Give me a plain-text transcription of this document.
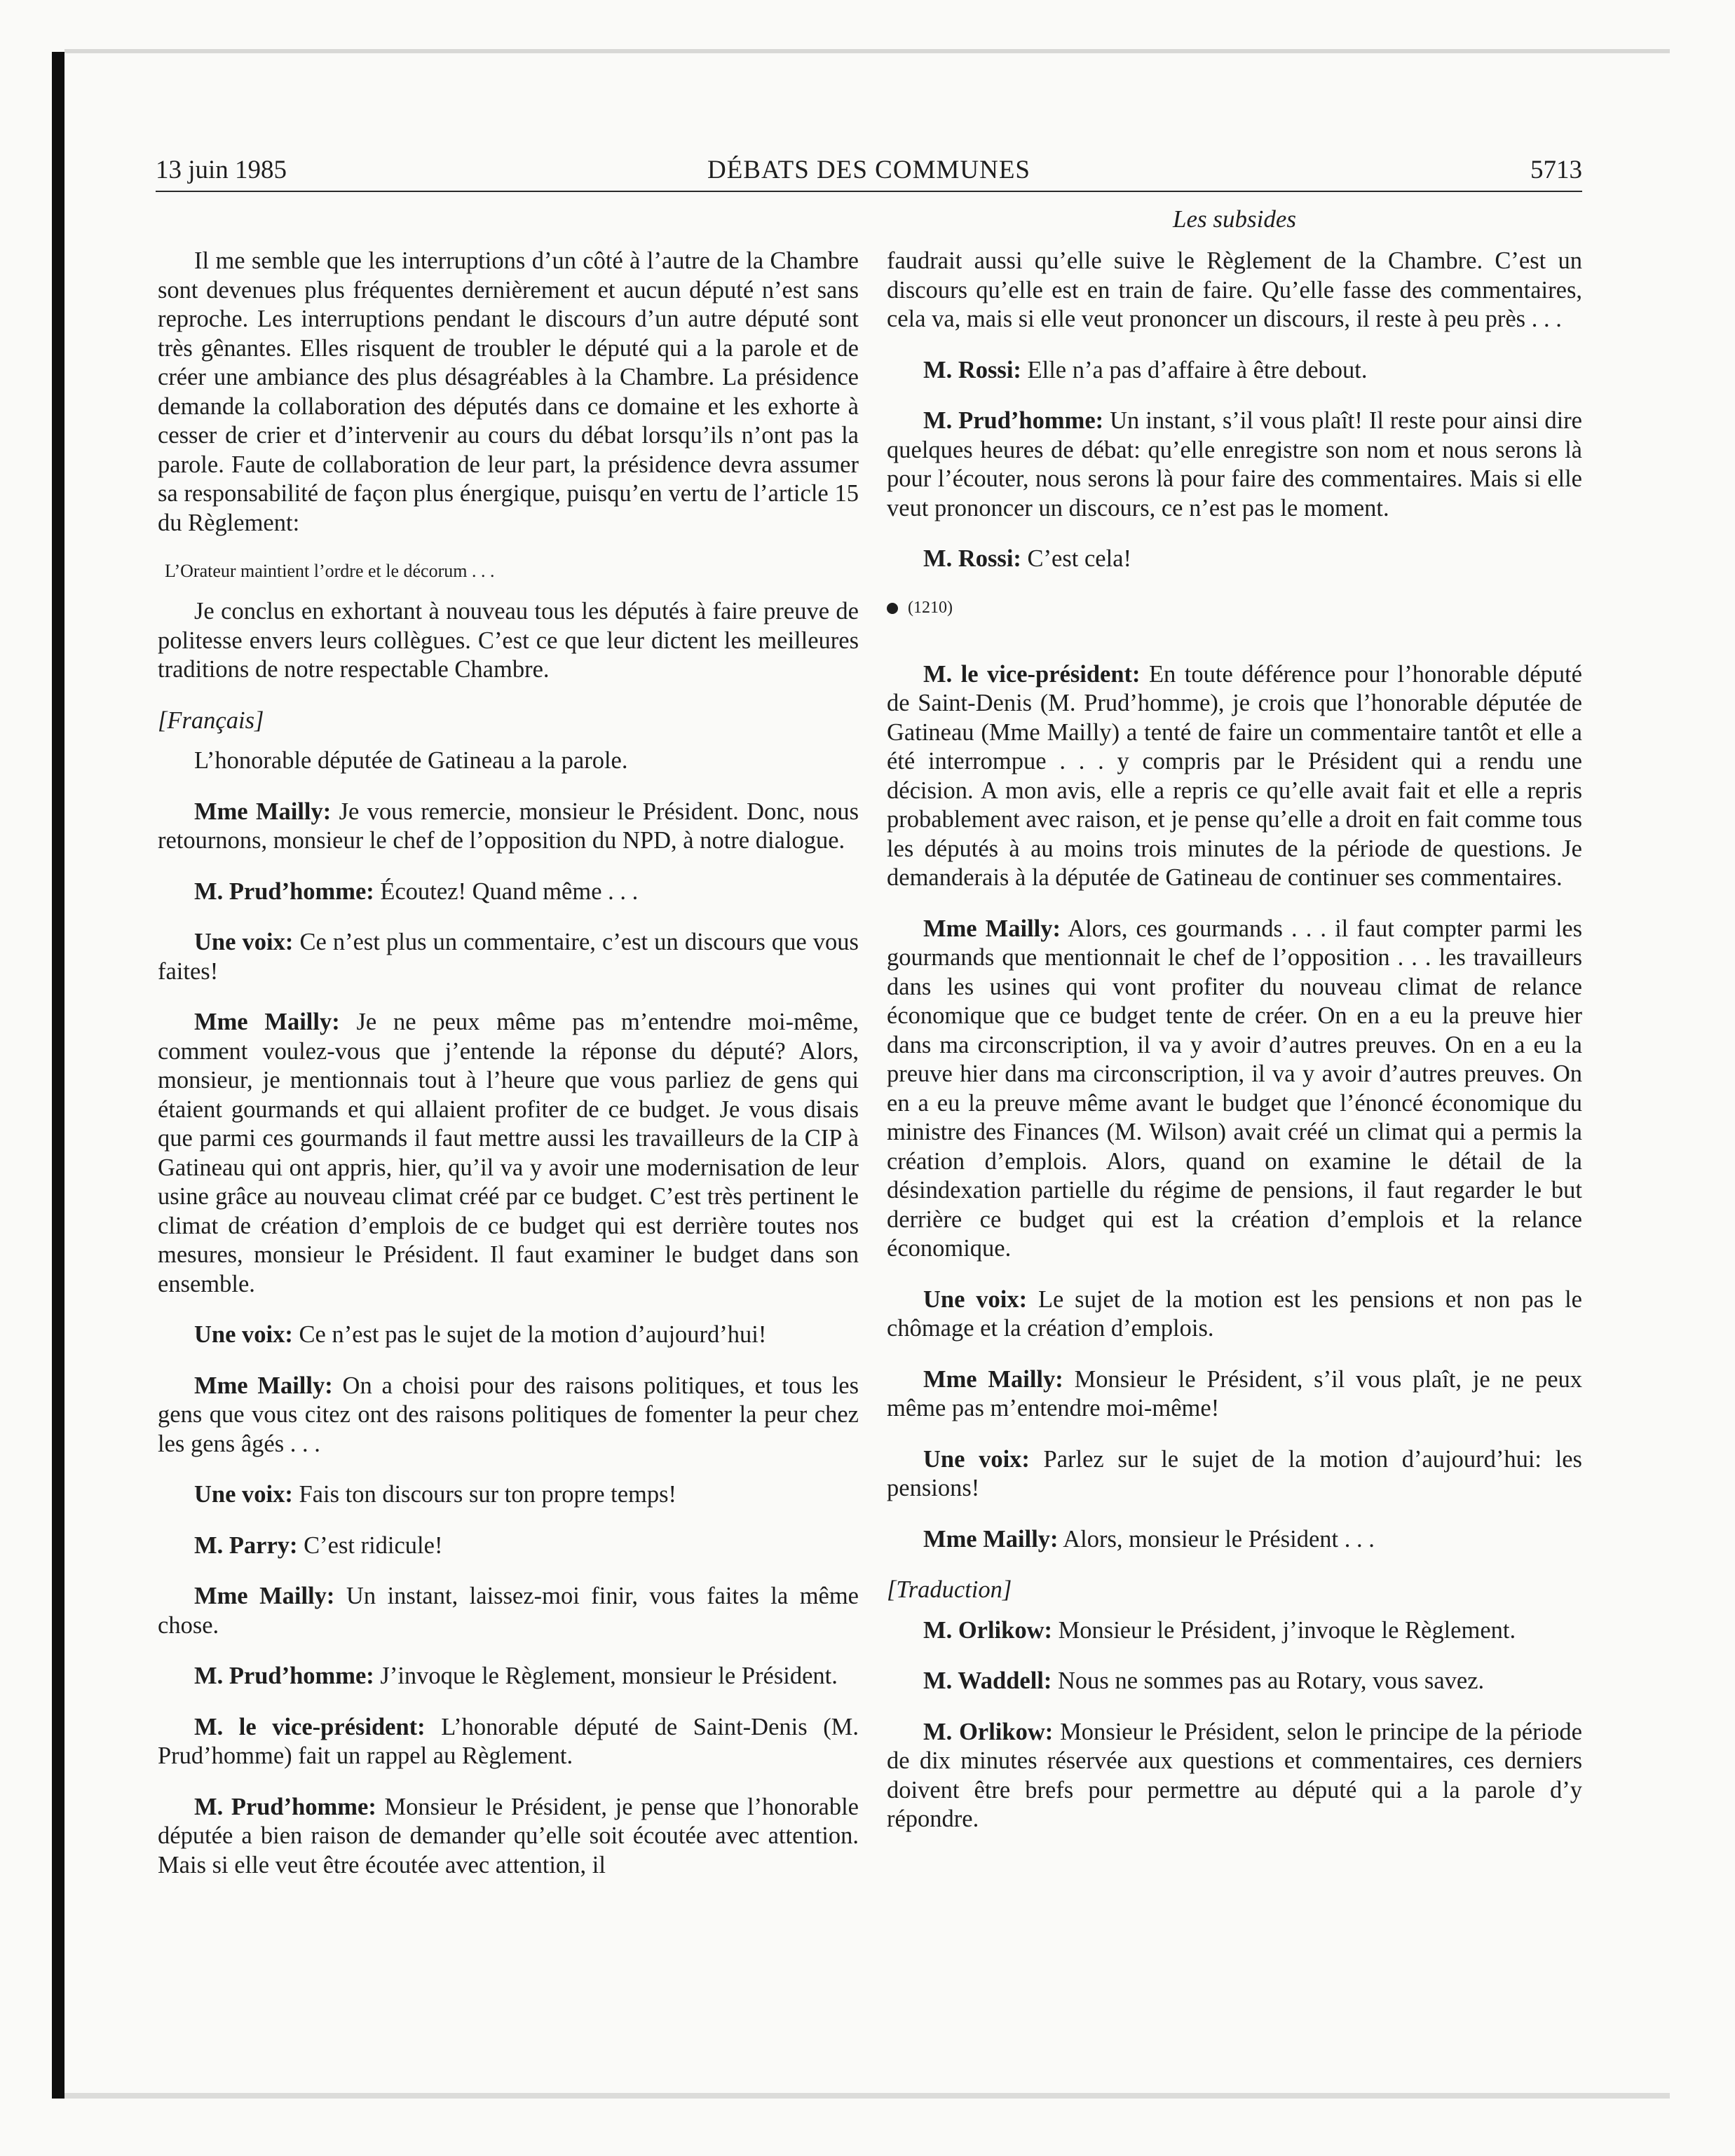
13 juin 1985	DÉBATS DES COMMUNES	5713
Les subsides

Il me semble que les interruptions d’un côté à l’autre de la Chambre sont devenues plus fréquentes dernièrement et aucun député n’est sans reproche. Les interruptions pendant le discours d’un autre député sont très gênantes. Elles risquent de troubler le député qui a la parole et de créer une ambiance des plus désagréables à la Chambre. La présidence demande la collaboration des députés dans ce domaine et les exhorte à cesser de crier et d’intervenir au cours du débat lorsqu’ils n’ont pas la parole. Faute de collaboration de leur part, la présidence devra assumer sa responsabilité de façon plus énergique, puisqu’en vertu de l’article 15 du Règlement:

L’Orateur maintient l’ordre et le décorum . . .

Je conclus en exhortant à nouveau tous les députés à faire preuve de politesse envers leurs collègues. C’est ce que leur dictent les meilleures traditions de notre respectable Chambre.

[Français]

L’honorable députée de Gatineau a la parole.

Mme Mailly: Je vous remercie, monsieur le Président. Donc, nous retournons, monsieur le chef de l’opposition du NPD, à notre dialogue.

M. Prud’homme: Écoutez! Quand même . . .

Une voix: Ce n’est plus un commentaire, c’est un discours que vous faites!

Mme Mailly: Je ne peux même pas m’entendre moi-même, comment voulez-vous que j’entende la réponse du député? Alors, monsieur, je mentionnais tout à l’heure que vous parliez de gens qui étaient gourmands et qui allaient profiter de ce budget. Je vous disais que parmi ces gourmands il faut mettre aussi les travailleurs de la CIP à Gatineau qui ont appris, hier, qu’il va y avoir une modernisation de leur usine grâce au nouveau climat créé par ce budget. C’est très pertinent le climat de création d’emplois de ce budget qui est derrière toutes nos mesures, monsieur le Président. Il faut examiner le budget dans son ensemble.

Une voix: Ce n’est pas le sujet de la motion d’aujourd’hui!

Mme Mailly: On a choisi pour des raisons politiques, et tous les gens que vous citez ont des raisons politiques de fomenter la peur chez les gens âgés . . .

Une voix: Fais ton discours sur ton propre temps!

M. Parry: C’est ridicule!

Mme Mailly: Un instant, laissez-moi finir, vous faites la même chose.

M. Prud’homme: J’invoque le Règlement, monsieur le Président.

M. le vice-président: L’honorable député de Saint-Denis (M. Prud’homme) fait un rappel au Règlement.

M. Prud’homme: Monsieur le Président, je pense que l’honorable députée a bien raison de demander qu’elle soit écoutée avec attention. Mais si elle veut être écoutée avec attention, il

faudrait aussi qu’elle suive le Règlement de la Chambre. C’est un discours qu’elle est en train de faire. Qu’elle fasse des commentaires, cela va, mais si elle veut prononcer un discours, il reste à peu près . . .

M. Rossi: Elle n’a pas d’affaire à être debout.

M. Prud’homme: Un instant, s’il vous plaît! Il reste pour ainsi dire quelques heures de débat: qu’elle enregistre son nom et nous serons là pour l’écouter, nous serons là pour faire des commentaires. Mais si elle veut prononcer un discours, ce n’est pas le moment.

M. Rossi: C’est cela!

(1210)

M. le vice-président: En toute déférence pour l’honorable député de Saint-Denis (M. Prud’homme), je crois que l’honorable députée de Gatineau (Mme Mailly) a tenté de faire un commentaire tantôt et elle a été interrompue . . . y compris par le Président qui a rendu une décision. A mon avis, elle a repris ce qu’elle avait fait et elle a repris probablement avec raison, et je pense qu’elle a droit en fait comme tous les députés à au moins trois minutes de la période de questions. Je demanderais à la députée de Gatineau de continuer ses commentaires.

Mme Mailly: Alors, ces gourmands . . . il faut compter parmi les gourmands que mentionnait le chef de l’opposition . . . les travailleurs dans les usines qui vont profiter du nouveau climat de relance économique que ce budget tente de créer. On en a eu la preuve hier dans ma circonscription, il va y avoir d’autres preuves. On en a eu la preuve hier dans ma circonscription, il va y avoir d’autres preuves. On en a eu la preuve même avant le budget que l’énoncé économique du ministre des Finances (M. Wilson) avait créé un climat qui a permis la création d’emplois. Alors, quand on examine le détail de la désindexation partielle du régime de pensions, il faut regarder le but derrière ce budget qui est la création d’emplois et la relance économique.

Une voix: Le sujet de la motion est les pensions et non pas le chômage et la création d’emplois.

Mme Mailly: Monsieur le Président, s’il vous plaît, je ne peux même pas m’entendre moi-même!

Une voix: Parlez sur le sujet de la motion d’aujourd’hui: les pensions!

Mme Mailly: Alors, monsieur le Président . . .

[Traduction]

M. Orlikow: Monsieur le Président, j’invoque le Règlement.

M. Waddell: Nous ne sommes pas au Rotary, vous savez.

M. Orlikow: Monsieur le Président, selon le principe de la période de dix minutes réservée aux questions et commentaires, ces derniers doivent être brefs pour permettre au député qui a la parole d’y répondre.
